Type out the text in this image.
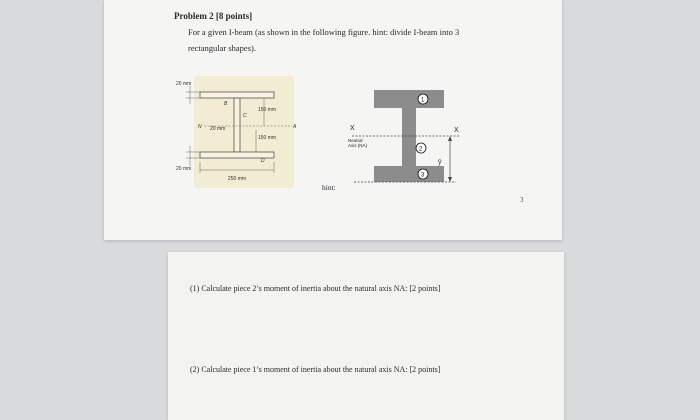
Problem 2 [8 points]
For a given I-beam (as shown in the following figure. hint: divide I-beam into 3
rectangular shapes).
20 mm
20 mm
20 mm
150 mm
150 mm
250 mm
B
C
A
N
D
hint:
ȳ
X	X
Neutral
Axis (NA)
1
2
3
3
(1) Calculate piece 2’s moment of inertia about the natural axis NA: [2 points]
(2) Calculate piece 1’s moment of inertia about the natural axis NA: [2 points]
